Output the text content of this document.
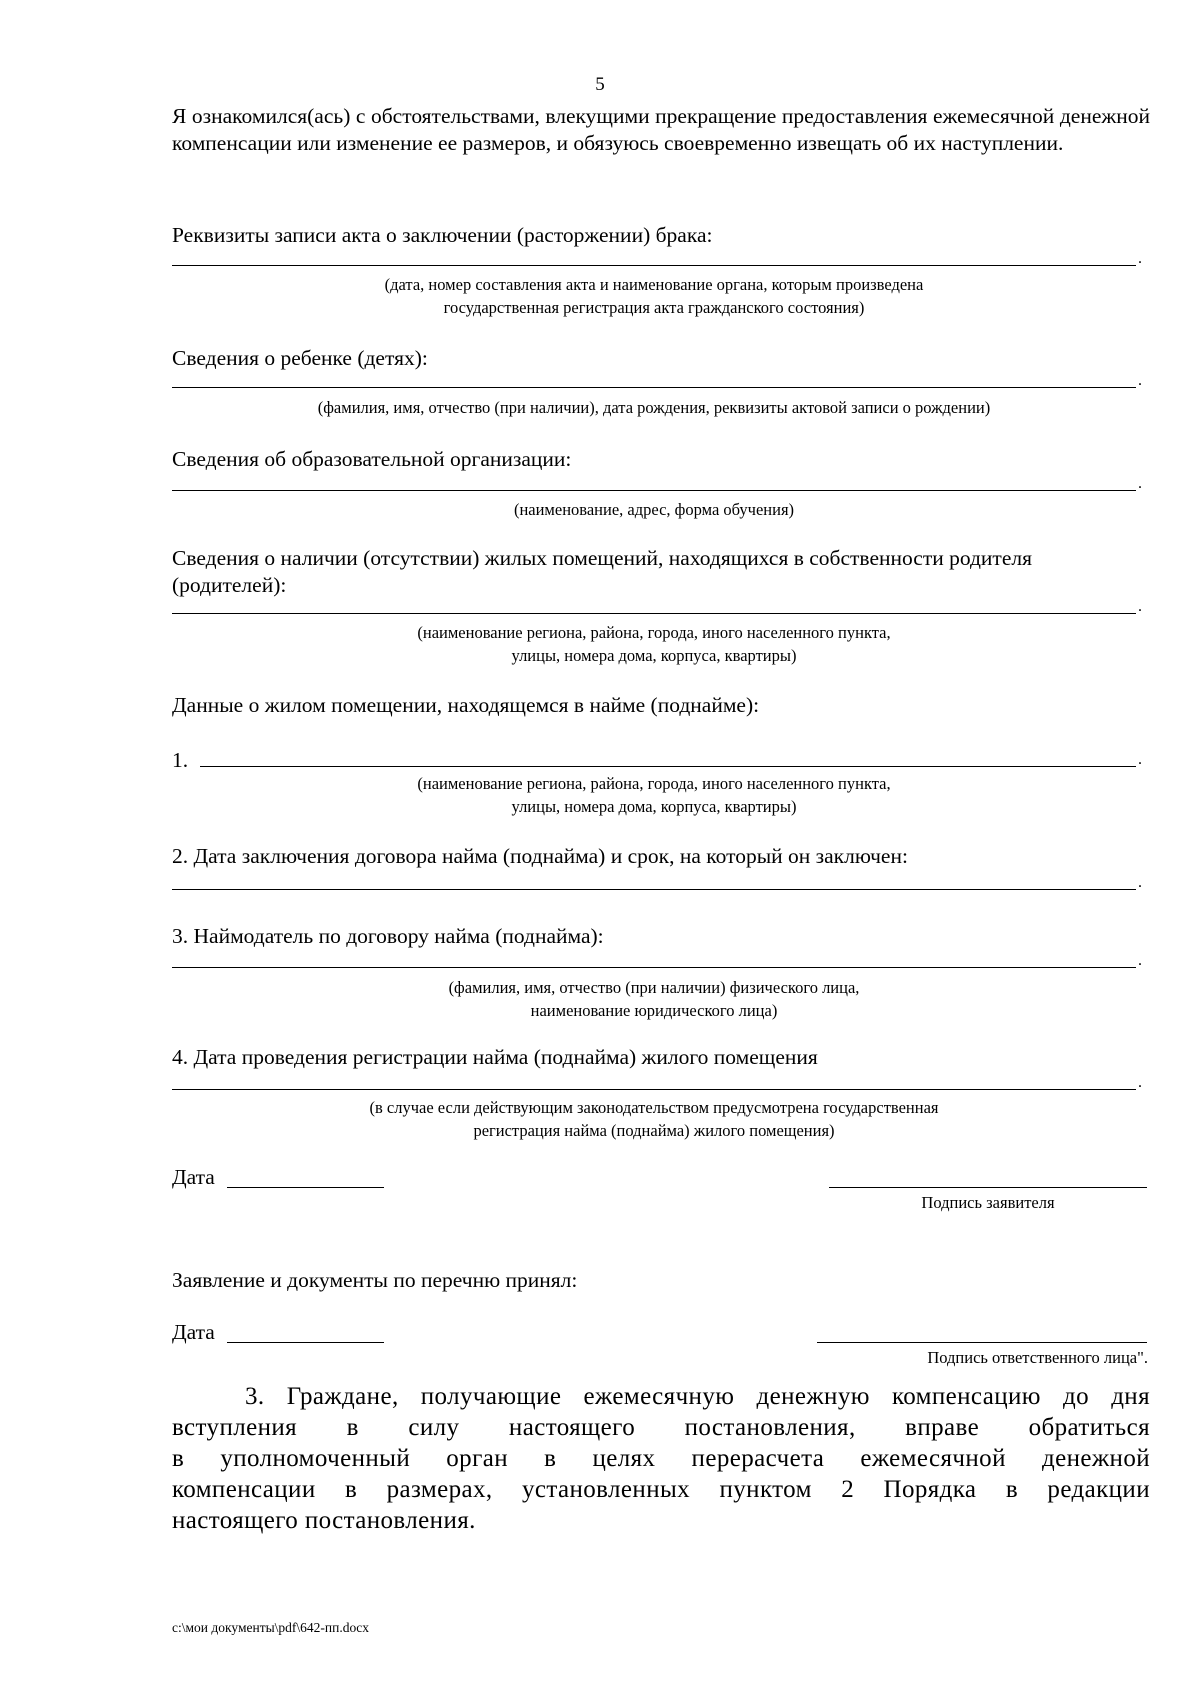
5
Я ознакомился(ась) с обстоятельствами, влекущими прекращение предоставления ежемесячной денежной компенсации или изменение ее размеров, и обязуюсь своевременно извещать об их наступлении.
Реквизиты записи акта о заключении (расторжении) брака:
.
(дата, номер составления акта и наименование органа, которым произведена
государственная регистрация акта гражданского состояния)
Сведения о ребенке (детях):
.
(фамилия, имя, отчество (при наличии), дата рождения, реквизиты актовой записи о рождении)
Сведения об образовательной организации:
.
(наименование, адрес, форма обучения)
Сведения о наличии (отсутствии) жилых помещений, находящихся в собственности родителя (родителей):
.
(наименование региона, района, города, иного населенного пункта,
улицы, номера дома, корпуса, квартиры)
Данные о жилом помещении, находящемся в найме (поднайме):
1.	.
(наименование региона, района, города, иного населенного пункта,
улицы, номера дома, корпуса, квартиры)
2. Дата заключения договора найма (поднайма) и срок, на который он заключен:
.
3. Наймодатель по договору найма (поднайма):
.
(фамилия, имя, отчество (при наличии) физического лица,
наименование юридического лица)
4. Дата проведения регистрации найма (поднайма) жилого помещения
.
(в случае если действующим законодательством предусмотрена государственная
регистрация найма (поднайма) жилого помещения)
Дата
Подпись заявителя
Заявление и документы по перечню принял:
Дата
Подпись ответственного лица".
3. Граждане, получающие ежемесячную денежную компенсацию до дня
вступления в силу настоящего постановления, вправе обратиться
в уполномоченный орган в целях перерасчета ежемесячной денежной
компенсации в размерах, установленных пунктом 2 Порядка в редакции
настоящего постановления.
c:\мои документы\pdf\642-пп.docx
